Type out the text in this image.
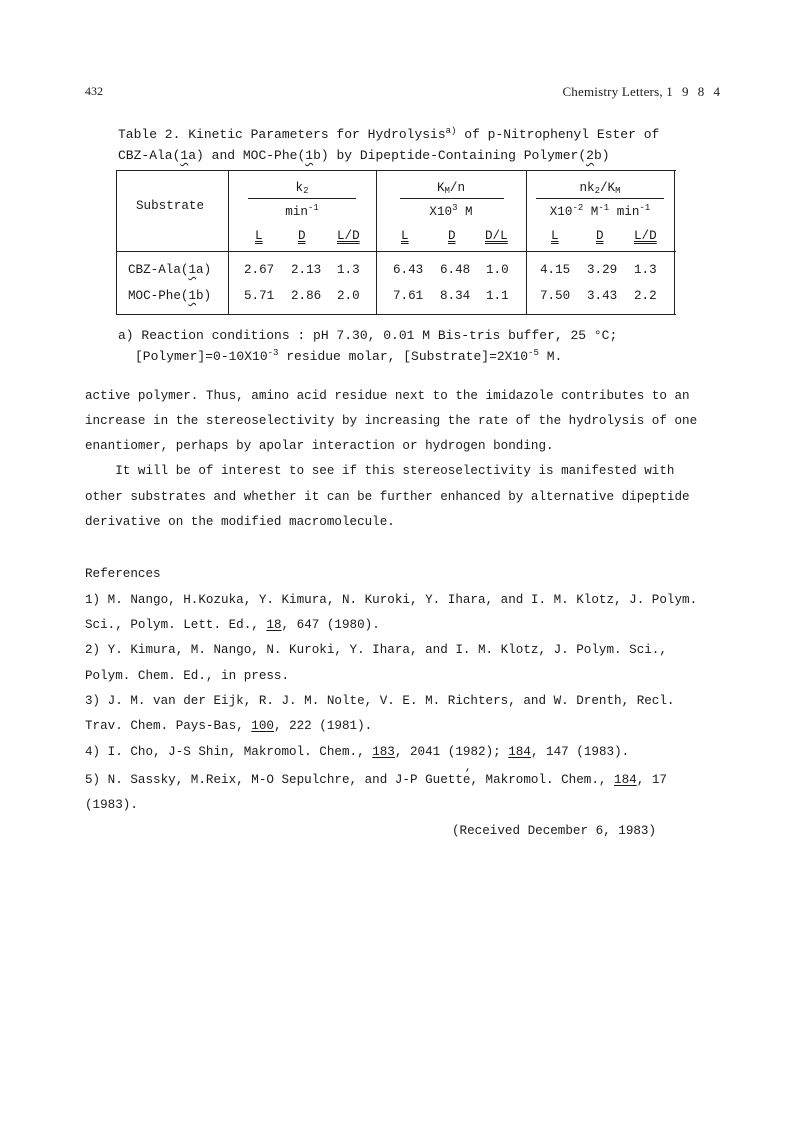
432	Chemistry Letters, 1 9 8 4
Table 2. Kinetic Parameters for Hydrolysis$^{a)}$ of p-Nitrophenyl Ester of
CBZ-Ala(1a) and MOC-Phe(1b) by Dipeptide-Containing Polymer(2b)
Substrate
$k_2$
$\min^{-1}$
$K_M/n$
$X10^3$ M
$nk_2/K_M$
$X10^{-2}$ $M^{-1}$ $\min^{-1}$
L	D L/D	L	D D/L	L	D L/D
CBZ-Ala(1a)	2.67 2.13 1.3	6.43 6.48 1.0 4.15 3.29 1.3
MOC-Phe(1b)	5.71 2.86 2.0	7.61 8.34 1.1 7.50 3.43 2.2
a) Reaction conditions : pH 7.30, 0.01 M Bis-tris buffer, 25 °C;
$[Polymer]=0-10X10^{-3}$ residue molar, $[Substrate]=2X10^{-5}$ M.
active polymer. Thus, amino acid residue next to the imidazole contributes to an
increase in the stereoselectivity by increasing the rate of the hydrolysis of one
enantiomer, perhaps by apolar interaction or hydrogen bonding.
It will be of interest to see if this stereoselectivity is manifested with
other substrates and whether it can be further enhanced by alternative dipeptide
derivative on the modified macromolecule.
References
1) M. Nango, H.Kozuka, Y. Kimura, N. Kuroki, Y. Ihara, and I. M. Klotz, J. Polym.
Sci., Polym. Lett. Ed., 18, 647 (1980).
2) Y. Kimura, M. Nango, N. Kuroki, Y. Ihara, and I. M. Klotz, J. Polym. Sci.,
Polym. Chem. Ed., in press.
3) J. M. van der Eijk, R. J. M. Nolte, V. E. M. Richters, and W. Drenth, Recl.
Trav. Chem. Pays-Bas, 100, 222 (1981).
4) I. Cho, J-S Shin, Makromol. Chem., 183, 2041 (1982); 184, 147 (1983).
5) N. Sassky, M.Reix, M-O Sepulchre, and J-P Guette
,
, Makromol. Chem., 184, 17
(1983).
(Received December 6, 1983)
